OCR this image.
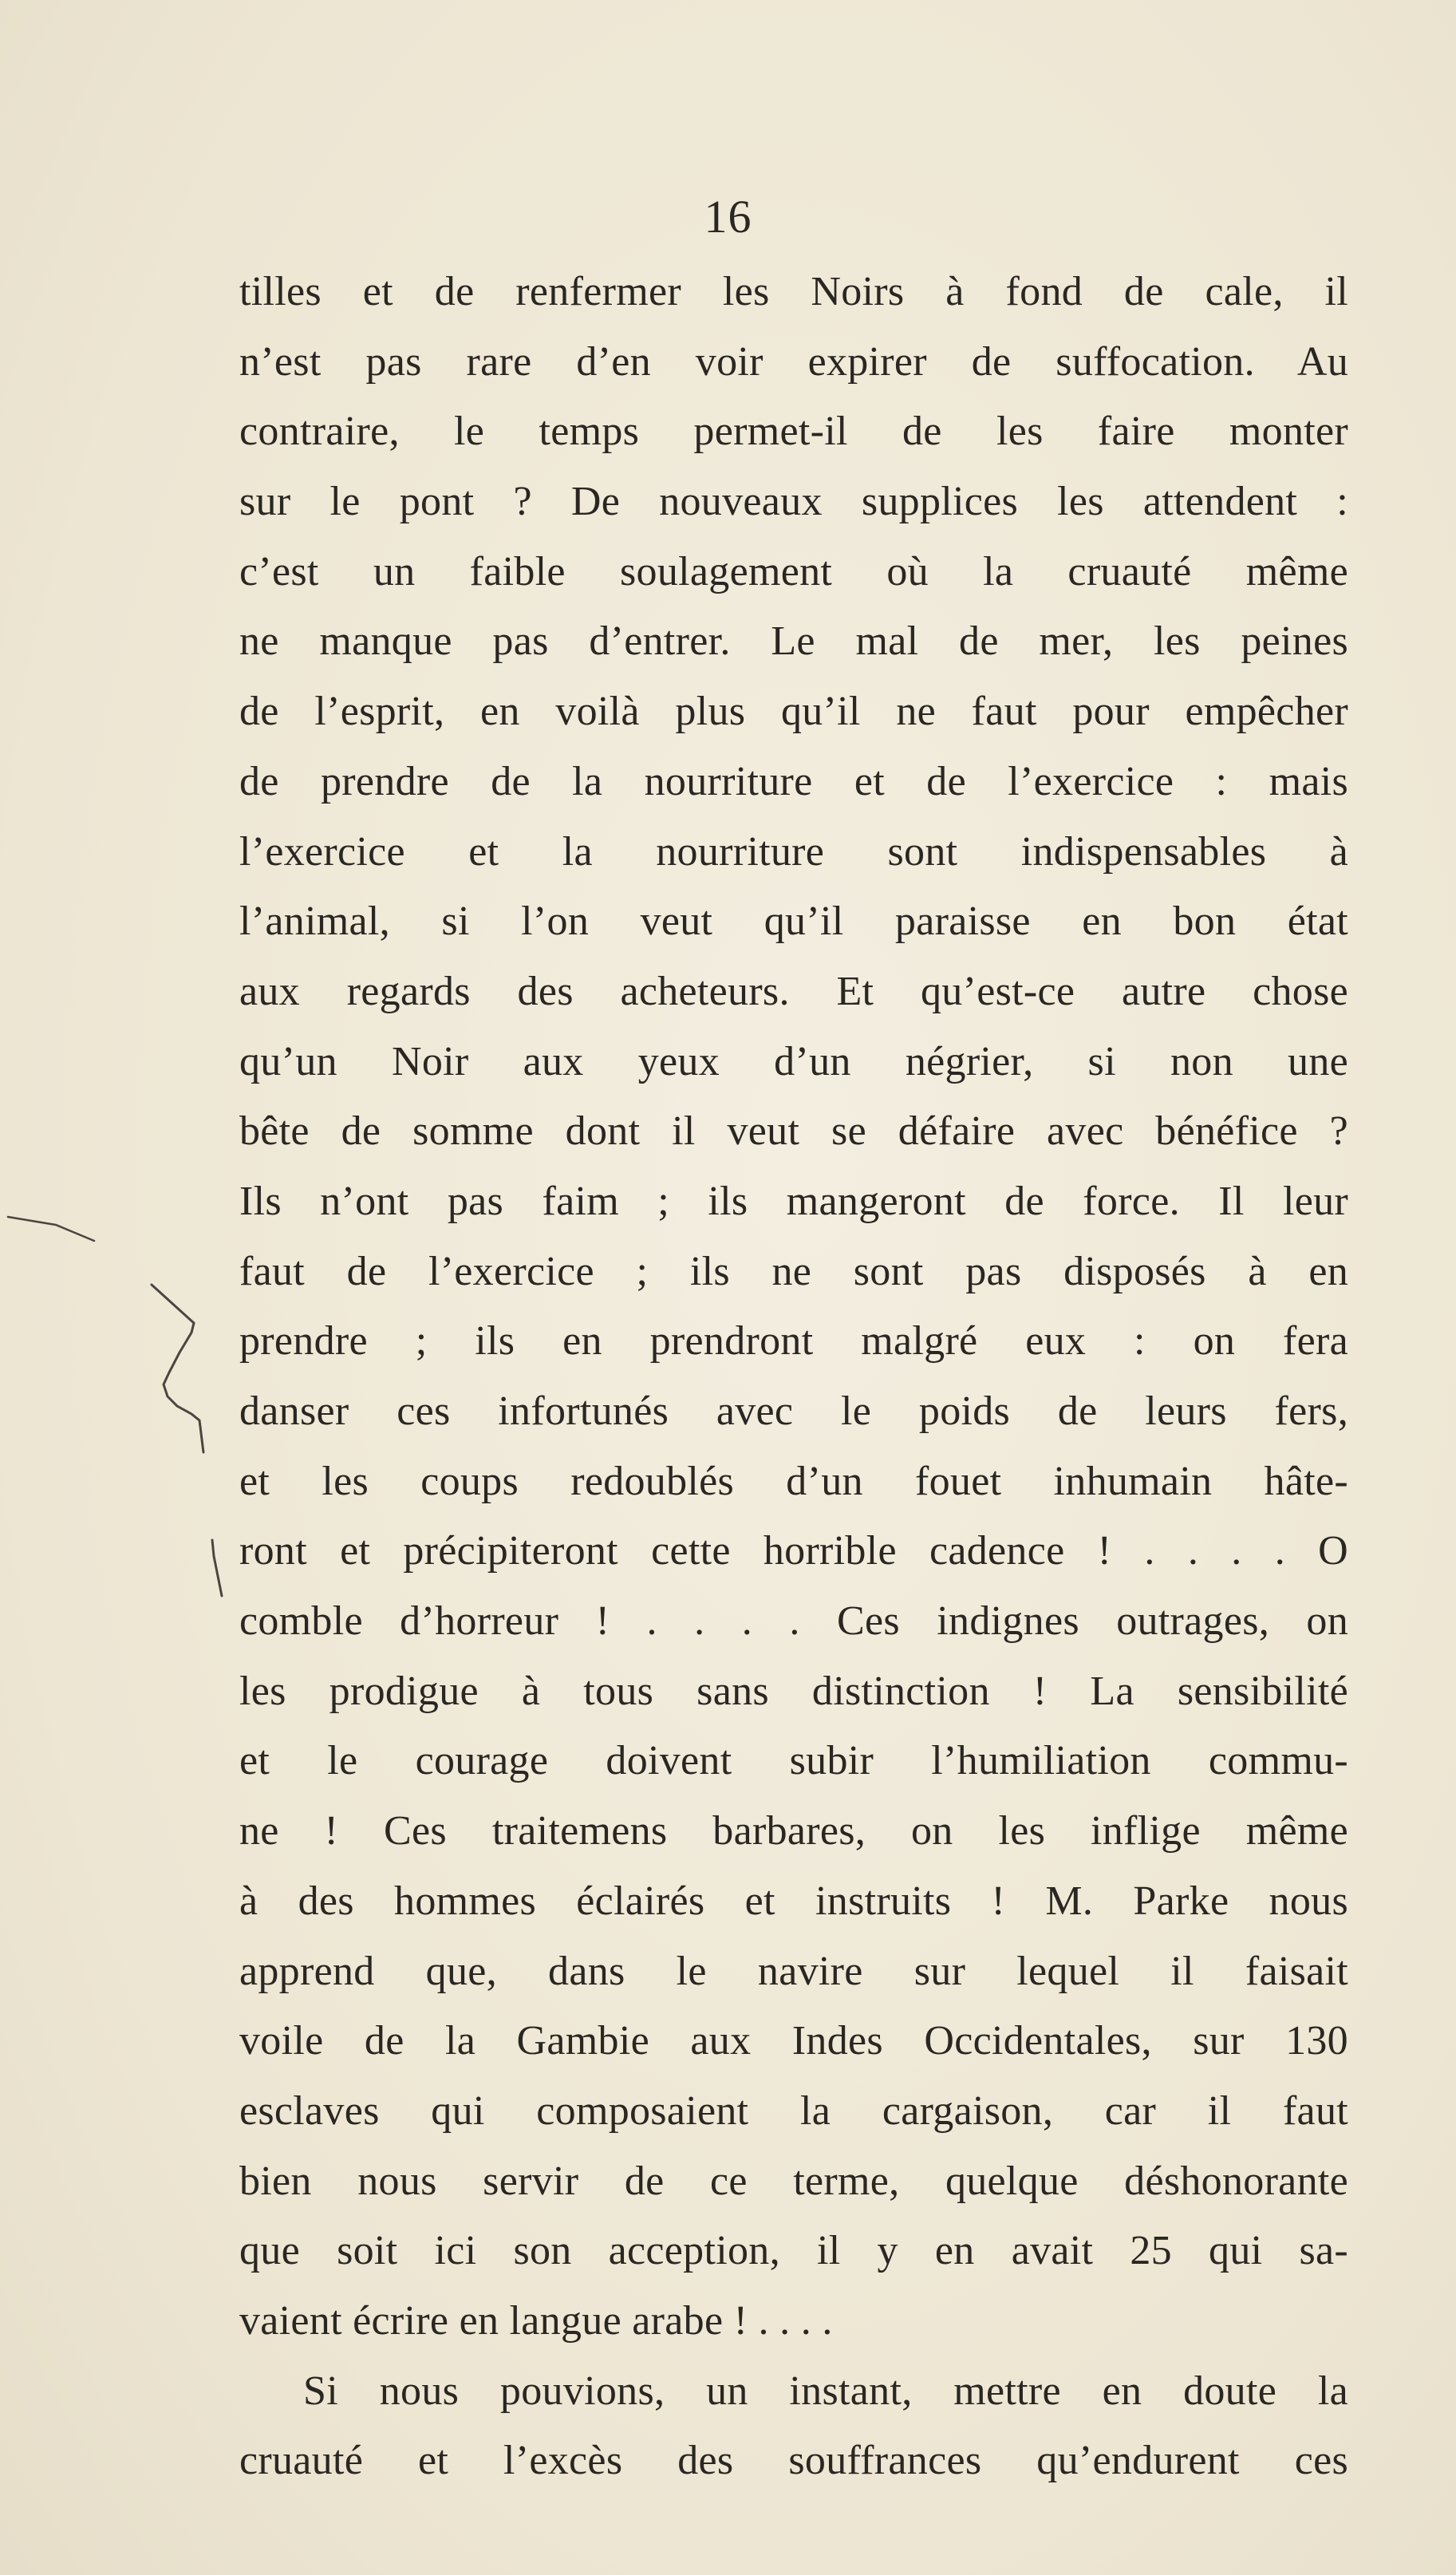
16
tilles et de renfermer les Noirs à fond de cale, il
n’est pas rare d’en voir expirer de suffocation. Au
contraire, le temps permet-il de les faire monter
sur le pont ? De nouveaux supplices les attendent :
c’est un faible soulagement où la cruauté même
ne manque pas d’entrer. Le mal de mer, les peines
de l’esprit, en voilà plus qu’il ne faut pour empêcher
de prendre de la nourriture et de l’exercice : mais
l’exercice et la nourriture sont indispensables à
l’animal, si l’on veut qu’il paraisse en bon état
aux regards des acheteurs. Et qu’est-ce autre chose
qu’un Noir aux yeux d’un négrier, si non une
bête de somme dont il veut se défaire avec bénéfice ?
Ils n’ont pas faim ; ils mangeront de force. Il leur
faut de l’exercice ; ils ne sont pas disposés à en
prendre ; ils en prendront malgré eux : on fera
danser ces infortunés avec le poids de leurs fers,
et les coups redoublés d’un fouet inhumain hâte-
ront et précipiteront cette horrible cadence ! . . . . O
comble d’horreur ! . . . . Ces indignes outrages, on
les prodigue à tous sans distinction ! La sensibilité
et le courage doivent subir l’humiliation commu-
ne ! Ces traitemens barbares, on les inflige même
à des hommes éclairés et instruits ! M. Parke nous
apprend que, dans le navire sur lequel il faisait
voile de la Gambie aux Indes Occidentales, sur 130
esclaves qui composaient la cargaison, car il faut
bien nous servir de ce terme, quelque déshonorante
que soit ici son acception, il y en avait 25 qui sa-
vaient écrire en langue arabe ! . . . .
Si nous pouvions, un instant, mettre en doute la
cruauté et l’excès des souffrances qu’endurent ces
